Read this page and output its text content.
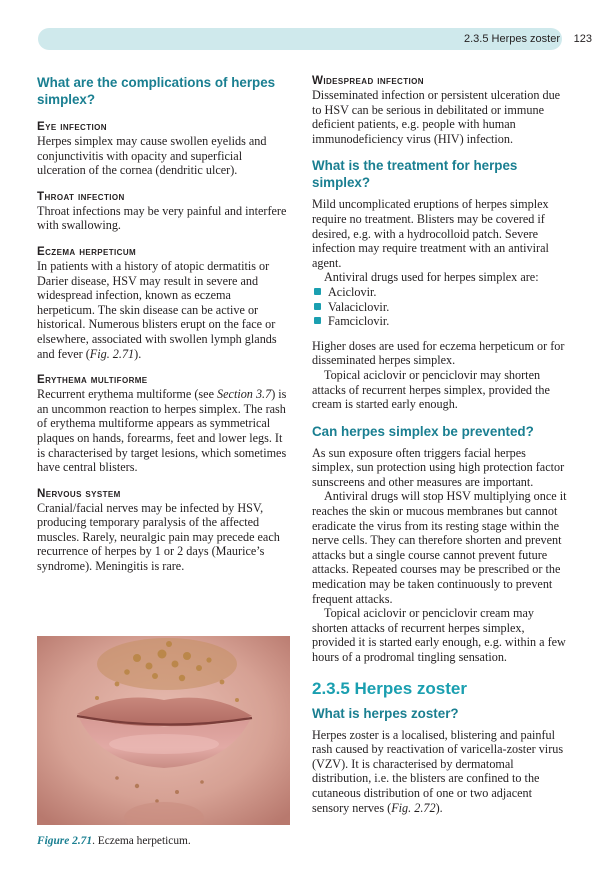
2.3.5 Herpes zoster 123
What are the complications of herpes simplex?
Eye infection

Herpes simplex may cause swollen eyelids and conjunctivitis with opacity and superficial ulceration of the cornea (dendritic ulcer).

Throat infection

Throat infections may be very painful and interfere with swallowing.

Eczema herpeticum

In patients with a history of atopic dermatitis or Darier disease, HSV may result in severe and widespread infection, known as eczema herpeticum. The skin disease can be active or historical. Numerous blisters erupt on the face or elsewhere, associated with swollen lymph glands and fever (Fig. 2.71).

Erythema multiforme

Recurrent erythema multiforme (see Section 3.7) is an uncommon reaction to herpes simplex. The rash of erythema multiforme appears as symmetrical plaques on hands, forearms, feet and lower legs. It is characterised by target lesions, which sometimes have central blisters.

Nervous system

Cranial/facial nerves may be infected by HSV, producing temporary paralysis of the affected muscles. Rarely, neuralgic pain may precede each recurrence of herpes by 1 or 2 days (Maurice’s syndrome). Meningitis is rare.

Figure 2.71. Eczema herpeticum.
Widespread infection

Disseminated infection or persistent ulceration due to HSV can be serious in debilitated or immune deficient patients, e.g. people with human immunodeficiency virus (HIV) infection.

What is the treatment for herpes simplex?

Mild uncomplicated eruptions of herpes simplex require no treatment. Blisters may be covered if desired, e.g. with a hydrocolloid patch. Severe infection may require treatment with an antiviral agent.

Antiviral drugs used for herpes simplex are:

Aciclovir.
Valaciclovir.
Famciclovir.

Higher doses are used for eczema herpeticum or for disseminated herpes simplex.

Topical aciclovir or penciclovir may shorten attacks of recurrent herpes simplex, provided the cream is started early enough.

Can herpes simplex be prevented?

As sun exposure often triggers facial herpes simplex, sun protection using high protection factor sunscreens and other measures are important.

Antiviral drugs will stop HSV multiplying once it reaches the skin or mucous membranes but cannot eradicate the virus from its resting stage within the nerve cells. They can therefore shorten and prevent attacks but a single course cannot prevent future attacks. Repeated courses may be prescribed or the medication may be taken continuously to prevent frequent attacks.

Topical aciclovir or penciclovir cream may shorten attacks of recurrent herpes simplex, provided it is started early enough, e.g. within a few hours of a prodromal tingling sensation.

2.3.5 Herpes zoster
What is herpes zoster?

Herpes zoster is a localised, blistering and painful rash caused by reactivation of varicella-zoster virus (VZV). It is characterised by dermatomal distribution, i.e. the blisters are confined to the cutaneous distribution of one or two adjacent sensory nerves (Fig. 2.72).
